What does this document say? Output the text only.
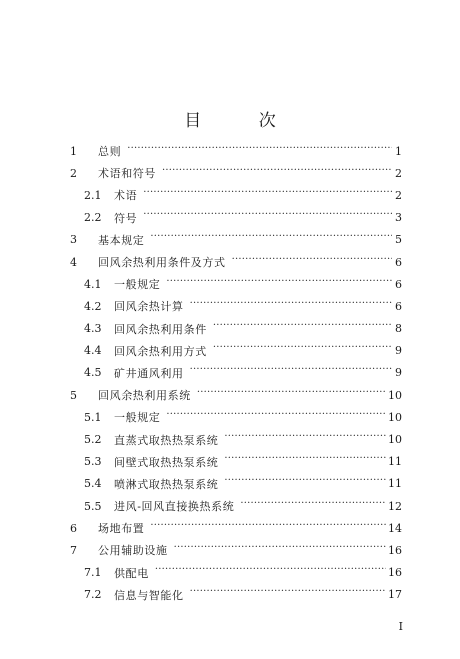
目 次
1	总则 ·····	1
2	术语和符号 ·····	2
2.1	术语 ·····	2
2.2	符号 ·····	3
3	基本规定 ·····	5
4	回风余热利用条件及方式 ·····	6
4.1	一般规定 ·····	6
4.2	回风余热计算 ·····	6
4.3	回风余热利用条件 ·····	8
4.4	回风余热利用方式 ·····	9
4.5	矿井通风利用 ·····	9
5	回风余热利用系统 ·····	10
5.1	一般规定 ·····	10
5.2	直蒸式取热热泵系统 ·····	10
5.3	间壁式取热热泵系统 ·····	11
5.4	喷淋式取热热泵系统 ·····	11
5.5	进风-回风直接换热系统 ·····	12
6	场地布置 ·····	14
7	公用辅助设施 ·····	16
7.1	供配电 ·····	16
7.2	信息与智能化 ·····	17
I
